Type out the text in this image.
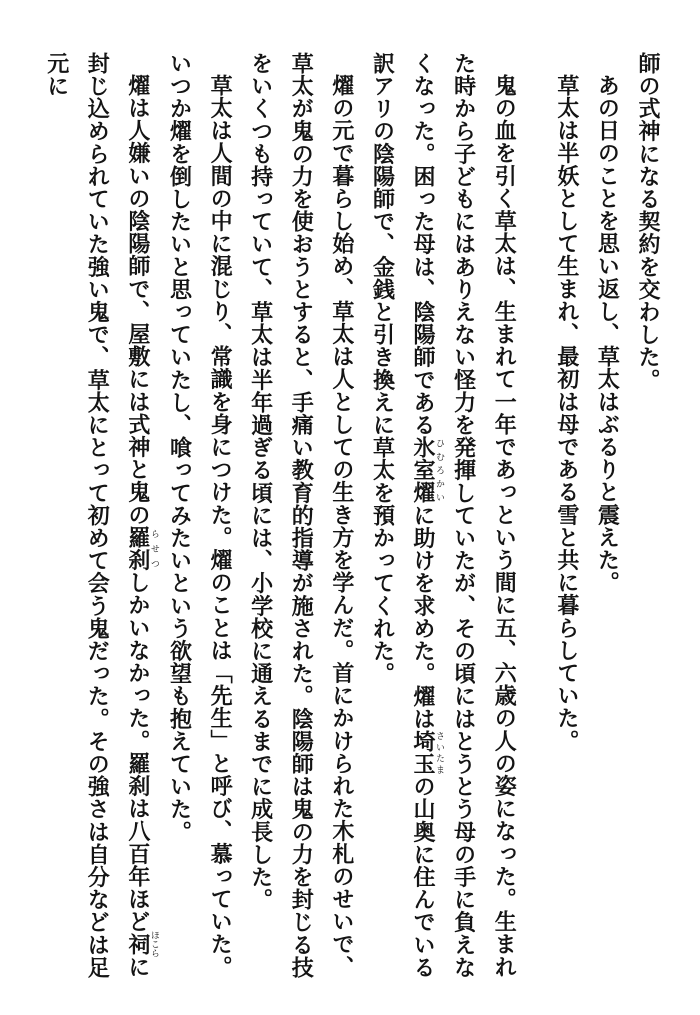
師の式神になる契約を交わした。

あの日のことを思い返し、草太はぶるりと震えた。

草太は半妖として生まれ、最初は母である雪と共に暮らしていた。

鬼の血を引く草太は、生まれて一年であっという間に五、六歳の人の姿になった。生まれた時から子どもにはありえない怪力を発揮していたが、その頃にはとうとう母の手に負えなくなった。困った母は、陰陽師である氷室燿ひむろかいに助けを求めた。燿は埼玉さいたまの山奥に住んでいる訳アリの陰陽師で、金銭と引き換えに草太を預かってくれた。

燿の元で暮らし始め、草太は人としての生き方を学んだ。首にかけられた木札のせいで、草太が鬼の力を使おうとすると、手痛い教育的指導が施された。陰陽師は鬼の力を封じる技をいくつも持っていて、草太は半年過ぎる頃には、小学校に通えるまでに成長した。

草太は人間の中に混じり、常識を身につけた。燿のことは「先生」と呼び、慕っていた。いつか燿を倒したいと思っていたし、喰ってみたいという欲望も抱えていた。

燿は人嫌いの陰陽師で、屋敷には式神と鬼の羅刹らせつしかいなかった。羅刹は八百年ほど祠ほこらに封じ込められていた強い鬼で、草太にとって初めて会う鬼だった。その強さは自分などは足元に
